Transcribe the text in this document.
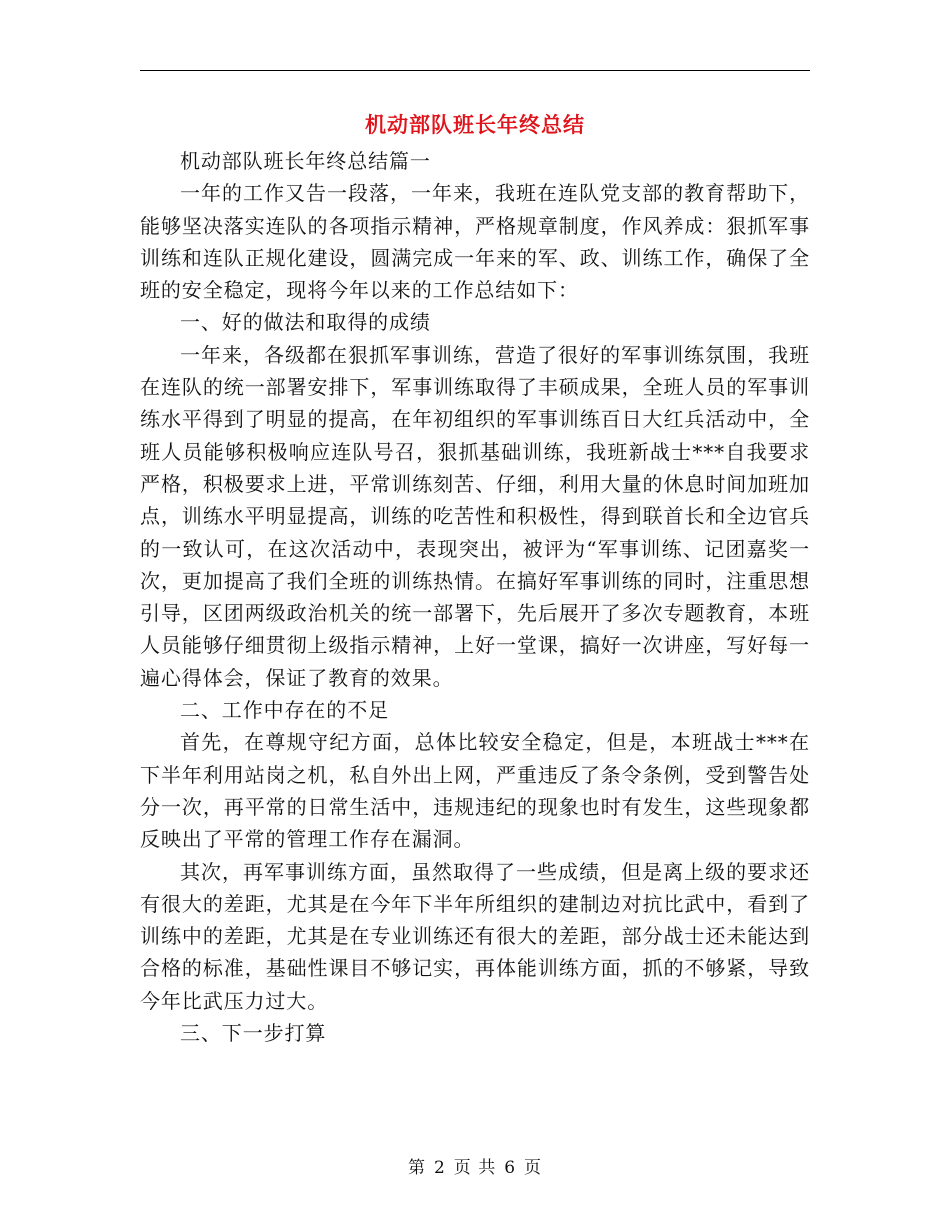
机动部队班长年终总结

机动部队班长年终总结篇一

一年的工作又告一段落，一年来，我班在连队党支部的教育帮助下，能够坚决落实连队的各项指示精神，严格规章制度，作风养成：狠抓军事训练和连队正规化建设，圆满完成一年来的军、政、训练工作，确保了全班的安全稳定，现将今年以来的工作总结如下：

一、好的做法和取得的成绩

一年来，各级都在狠抓军事训练，营造了很好的军事训练氛围，我班在连队的统一部署安排下，军事训练取得了丰硕成果，全班人员的军事训练水平得到了明显的提高，在年初组织的军事训练百日大红兵活动中，全班人员能够积极响应连队号召，狠抓基础训练，我班新战士***自我要求严格，积极要求上进，平常训练刻苦、仔细，利用大量的休息时间加班加点，训练水平明显提高，训练的吃苦性和积极性，得到联首长和全边官兵的一致认可，在这次活动中，表现突出，被评为“军事训练、记团嘉奖一次，更加提高了我们全班的训练热情。在搞好军事训练的同时，注重思想引导，区团两级政治机关的统一部署下，先后展开了多次专题教育，本班人员能够仔细贯彻上级指示精神，上好一堂课，搞好一次讲座，写好每一遍心得体会，保证了教育的效果。

二、工作中存在的不足

首先，在尊规守纪方面，总体比较安全稳定，但是，本班战士***在下半年利用站岗之机，私自外出上网，严重违反了条令条例，受到警告处分一次，再平常的日常生活中，违规违纪的现象也时有发生，这些现象都反映出了平常的管理工作存在漏洞。

其次，再军事训练方面，虽然取得了一些成绩，但是离上级的要求还有很大的差距，尤其是在今年下半年所组织的建制边对抗比武中，看到了训练中的差距，尤其是在专业训练还有很大的差距，部分战士还未能达到合格的标准，基础性课目不够记实，再体能训练方面，抓的不够紧，导致今年比武压力过大。

三、下一步打算

第 2 页 共 6 页
